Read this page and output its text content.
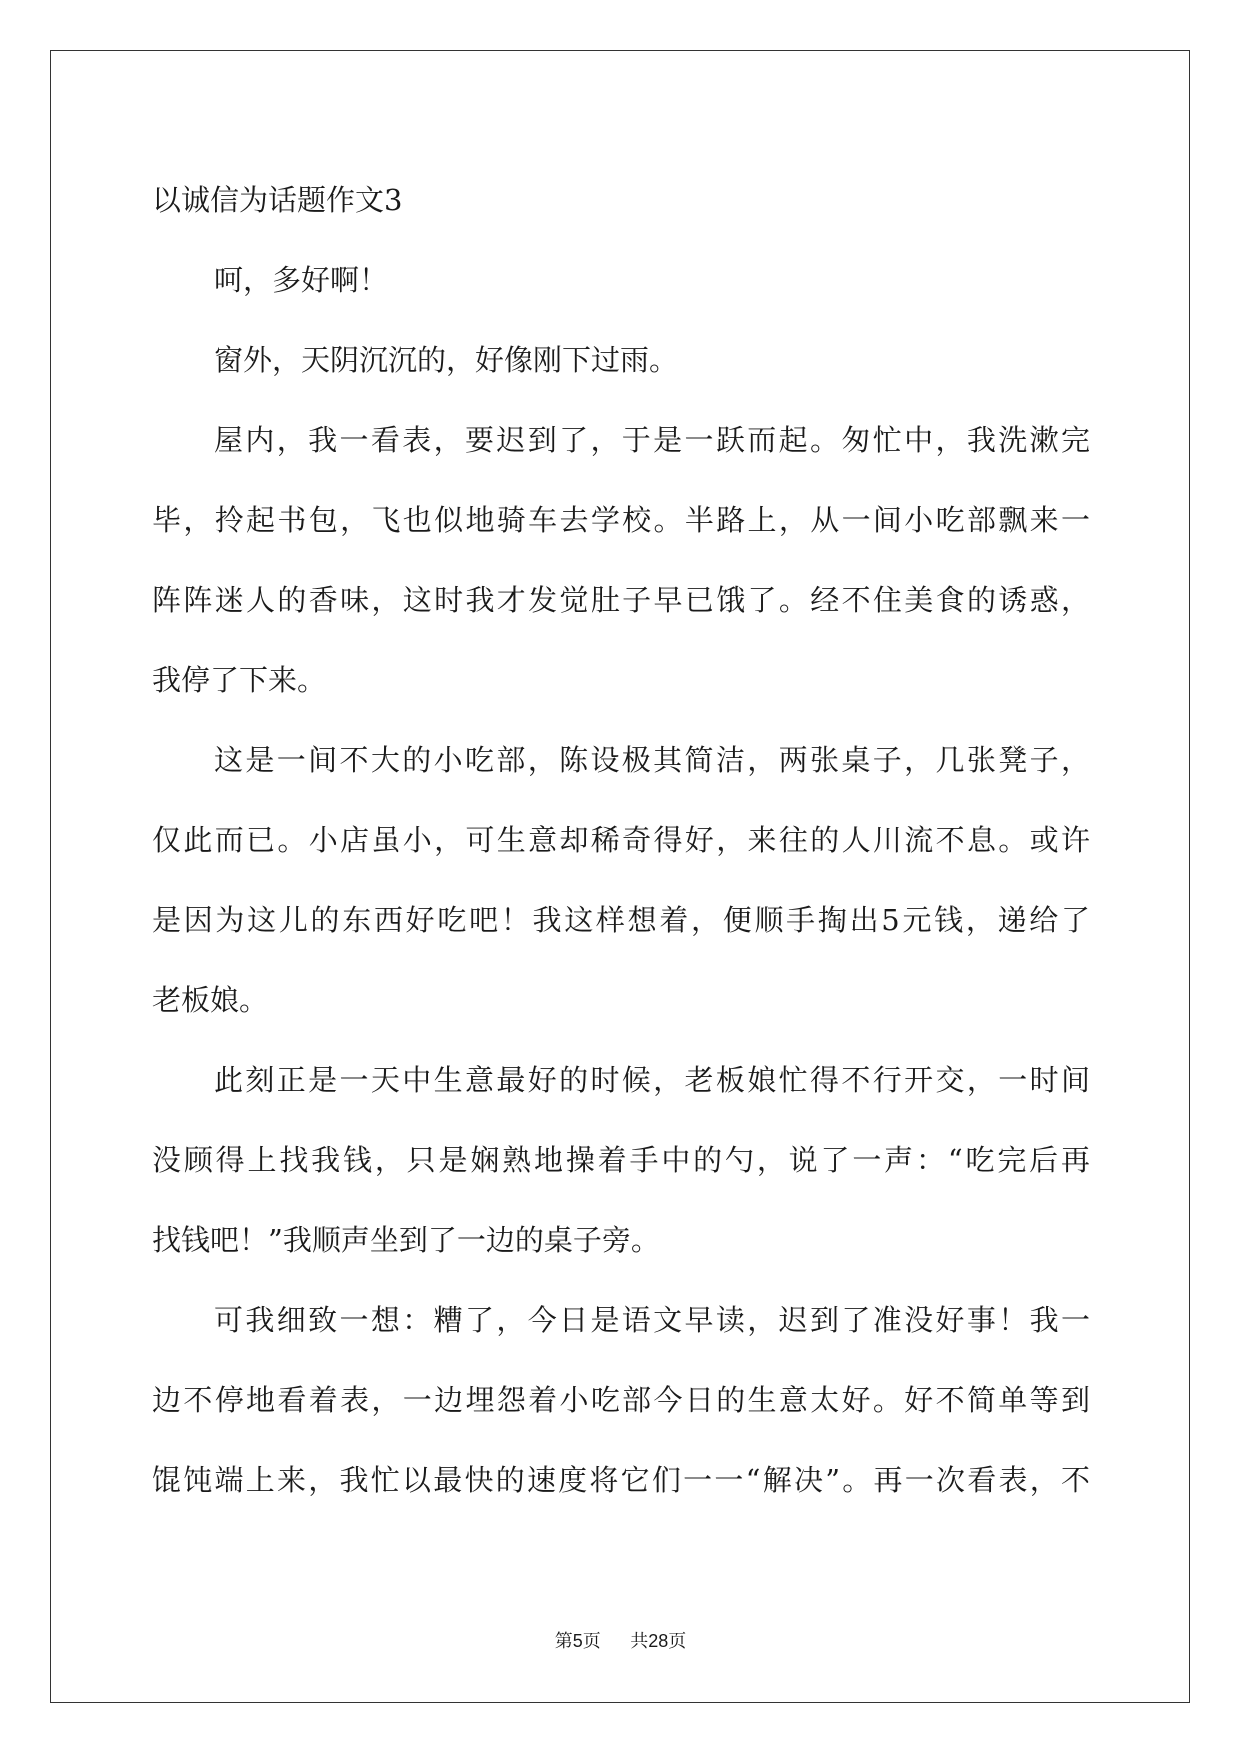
以诚信为话题作文3
呵，多好啊！
窗外，天阴沉沉的，好像刚下过雨。
屋内，我一看表，要迟到了，于是一跃而起。匆忙中，我洗漱完
毕，拎起书包，飞也似地骑车去学校。半路上，从一间小吃部飘来一
阵阵迷人的香味，这时我才发觉肚子早已饿了。经不住美食的诱惑，
我停了下来。
这是一间不大的小吃部，陈设极其简洁，两张桌子，几张凳子，
仅此而已。小店虽小，可生意却稀奇得好，来往的人川流不息。或许
是因为这儿的东西好吃吧！我这样想着，便顺手掏出5元钱，递给了
老板娘。
此刻正是一天中生意最好的时候，老板娘忙得不行开交，一时间
没顾得上找我钱，只是娴熟地操着手中的勺，说了一声：“吃完后再
找钱吧！”我顺声坐到了一边的桌子旁。
可我细致一想：糟了，今日是语文早读，迟到了准没好事！我一
边不停地看着表，一边埋怨着小吃部今日的生意太好。好不简单等到
馄饨端上来，我忙以最快的速度将它们一一“解决”。再一次看表，不
第5页 共28页
